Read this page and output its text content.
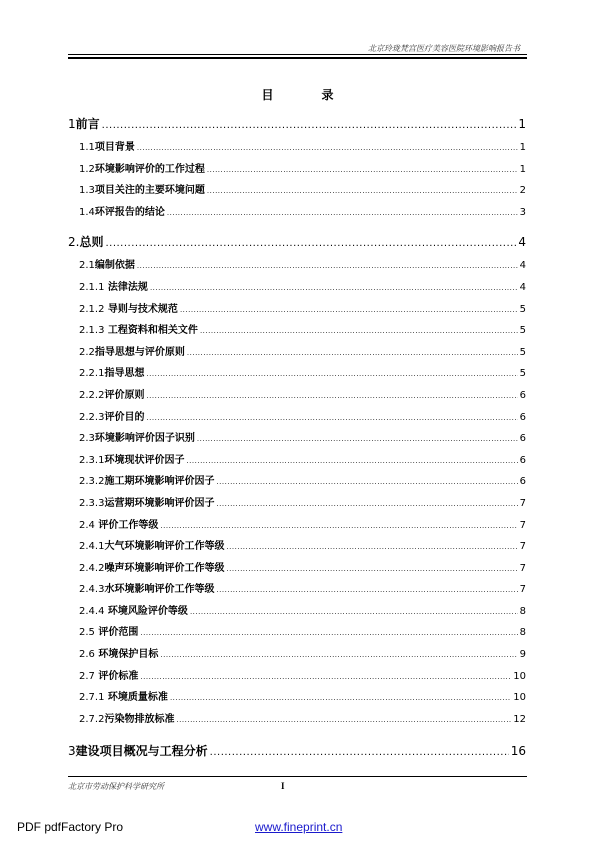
北京玲珑梵宫医疗美容医院环境影响报告书
目　录
1前言 .....	1
1.1项目背景 .....	1
1.2环境影响评价的工作过程 .....	1
1.3项目关注的主要环境问题 .....	2
1.4环评报告的结论 .....	3
2.总则 .....	4
2.1编制依据 .....	4
2.1.1 法律法规 .....	4
2.1.2 导则与技术规范 .....	5
2.1.3 工程资料和相关文件 .....	5
2.2指导思想与评价原则 .....	5
2.2.1指导思想 .....	5
2.2.2评价原则 .....	6
2.2.3评价目的 .....	6
2.3环境影响评价因子识别 .....	6
2.3.1环境现状评价因子 .....	6
2.3.2施工期环境影响评价因子 .....	6
2.3.3运营期环境影响评价因子 .....	7
2.4 评价工作等级 .....	7
2.4.1大气环境影响评价工作等级 .....	7
2.4.2噪声环境影响评价工作等级 .....	7
2.4.3水环境影响评价工作等级 .....	7
2.4.4 环境风险评价等级 .....	8
2.5 评价范围 .....	8
2.6 环境保护目标 .....	9
2.7 评价标准 .....	10
2.7.1 环境质量标准 .....	10
2.7.2污染物排放标准 .....	12
3建设项目概况与工程分析 .....	16
北京市劳动保护科学研究所	I
PDF pdfFactory Pro	www.fineprint.cn
